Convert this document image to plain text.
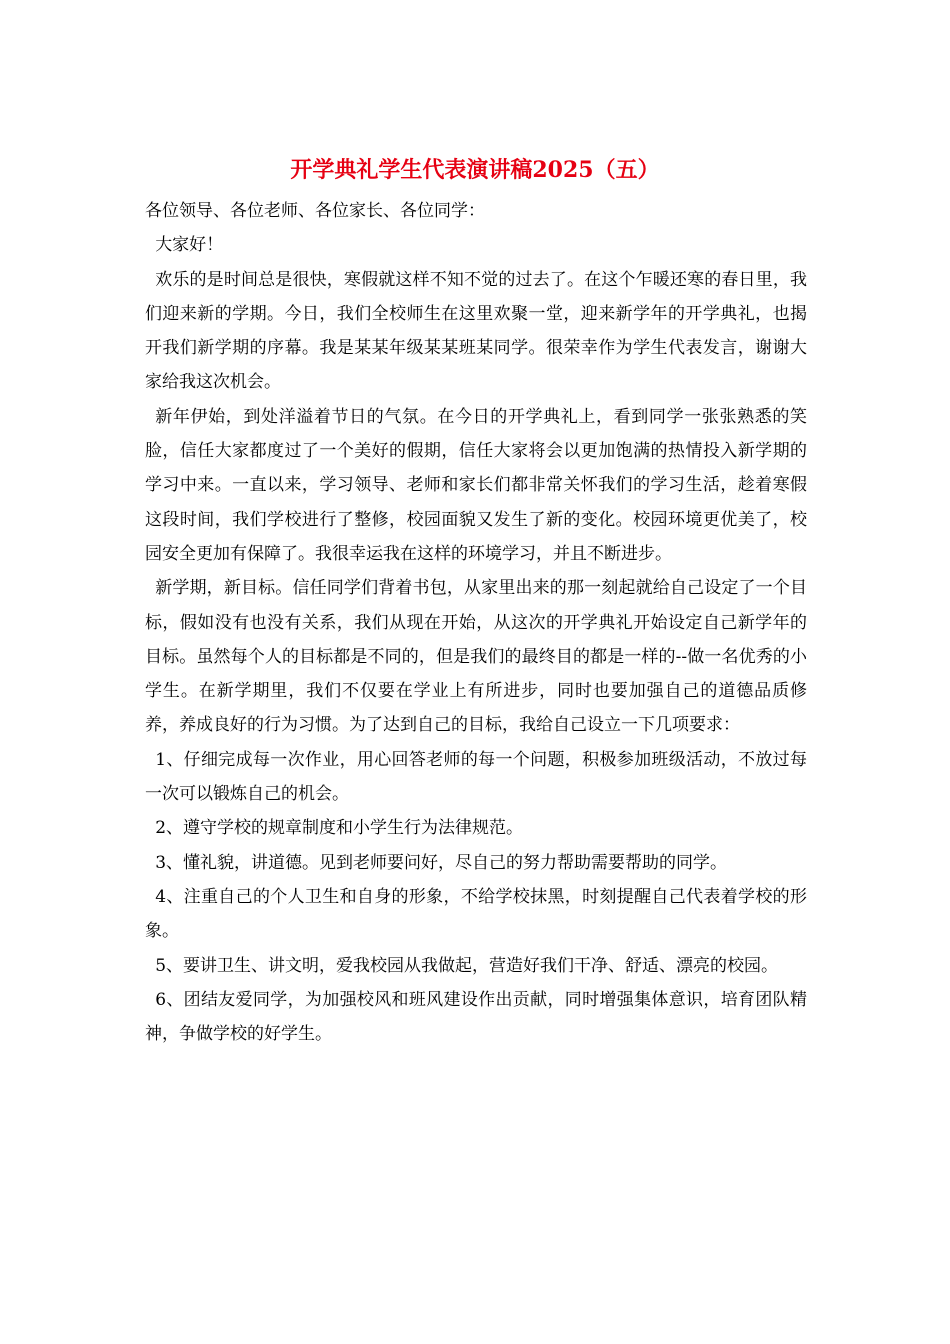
开学典礼学生代表演讲稿2025（五）

各位领导、各位老师、各位家长、各位同学：

大家好！

欢乐的是时间总是很快，寒假就这样不知不觉的过去了。在这个乍暖还寒的春日里，我们迎来新的学期。今日，我们全校师生在这里欢聚一堂，迎来新学年的开学典礼，也揭开我们新学期的序幕。我是某某年级某某班某同学。很荣幸作为学生代表发言，谢谢大家给我这次机会。

新年伊始，到处洋溢着节日的气氛。在今日的开学典礼上，看到同学一张张熟悉的笑脸，信任大家都度过了一个美好的假期，信任大家将会以更加饱满的热情投入新学期的学习中来。一直以来，学习领导、老师和家长们都非常关怀我们的学习生活，趁着寒假这段时间，我们学校进行了整修，校园面貌又发生了新的变化。校园环境更优美了，校园安全更加有保障了。我很幸运我在这样的环境学习，并且不断进步。

新学期，新目标。信任同学们背着书包，从家里出来的那一刻起就给自己设定了一个目标，假如没有也没有关系，我们从现在开始，从这次的开学典礼开始设定自己新学年的目标。虽然每个人的目标都是不同的，但是我们的最终目的都是一样的--做一名优秀的小学生。在新学期里，我们不仅要在学业上有所进步，同时也要加强自己的道德品质修养，养成良好的行为习惯。为了达到自己的目标，我给自己设立一下几项要求：

1、仔细完成每一次作业，用心回答老师的每一个问题，积极参加班级活动，不放过每一次可以锻炼自己的机会。

2、遵守学校的规章制度和小学生行为法律规范。

3、懂礼貌，讲道德。见到老师要问好，尽自己的努力帮助需要帮助的同学。

4、注重自己的个人卫生和自身的形象，不给学校抹黑，时刻提醒自己代表着学校的形象。

5、要讲卫生、讲文明，爱我校园从我做起，营造好我们干净、舒适、漂亮的校园。

6、团结友爱同学，为加强校风和班风建设作出贡献，同时增强集体意识，培育团队精神，争做学校的好学生。
